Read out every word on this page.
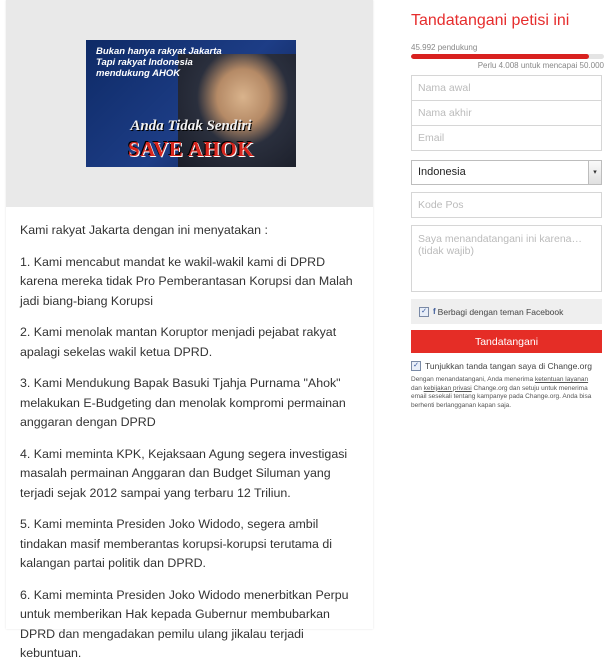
Bukan hanya rakyat Jakarta
Tapi rakyat Indonesia
mendukung AHOK
Anda Tidak Sendiri
SAVE AHOK

Kami rakyat Jakarta dengan ini menyatakan :

1. Kami mencabut mandat ke wakil-wakil kami di DPRD karena mereka tidak Pro Pemberantasan Korupsi dan Malah jadi biang-biang Korupsi

2. Kami menolak mantan Koruptor menjadi pejabat rakyat apalagi sekelas wakil ketua DPRD.

3. Kami Mendukung Bapak Basuki Tjahja Purnama "Ahok" melakukan E-Budgeting dan menolak kompromi permainan anggaran dengan DPRD

4. Kami meminta KPK, Kejaksaan Agung segera investigasi masalah permainan Anggaran dan Budget Siluman yang terjadi sejak 2012 sampai yang terbaru 12 Triliun.

5. Kami meminta Presiden Joko Widodo, segera ambil tindakan masif memberantas korupsi-korupsi terutama di kalangan partai politik dan DPRD.

6. Kami meminta Presiden Joko Widodo menerbitkan Perpu untuk memberikan Hak kepada Gubernur membubarkan DPRD dan mengadakan pemilu ulang jikalau terjadi kebuntuan.

Tandatangani petisi ini
45.992 pendukung
Perlu 4.008 untuk mencapai 50.000
Nama awal
Nama akhir
Email
Indonesia	▾
Kode Pos
Saya menandatangani ini karena… (tidak wajib)
✓ f Berbagi dengan teman Facebook
Tandatangani
✓ Tunjukkan tanda tangan saya di Change.org
Dengan menandatangani, Anda menerima ketentuan layanan dan kebijakan privasi Change.org dan setuju untuk menerima email sesekali tentang kampanye pada Change.org. Anda bisa berhenti berlangganan kapan saja.
